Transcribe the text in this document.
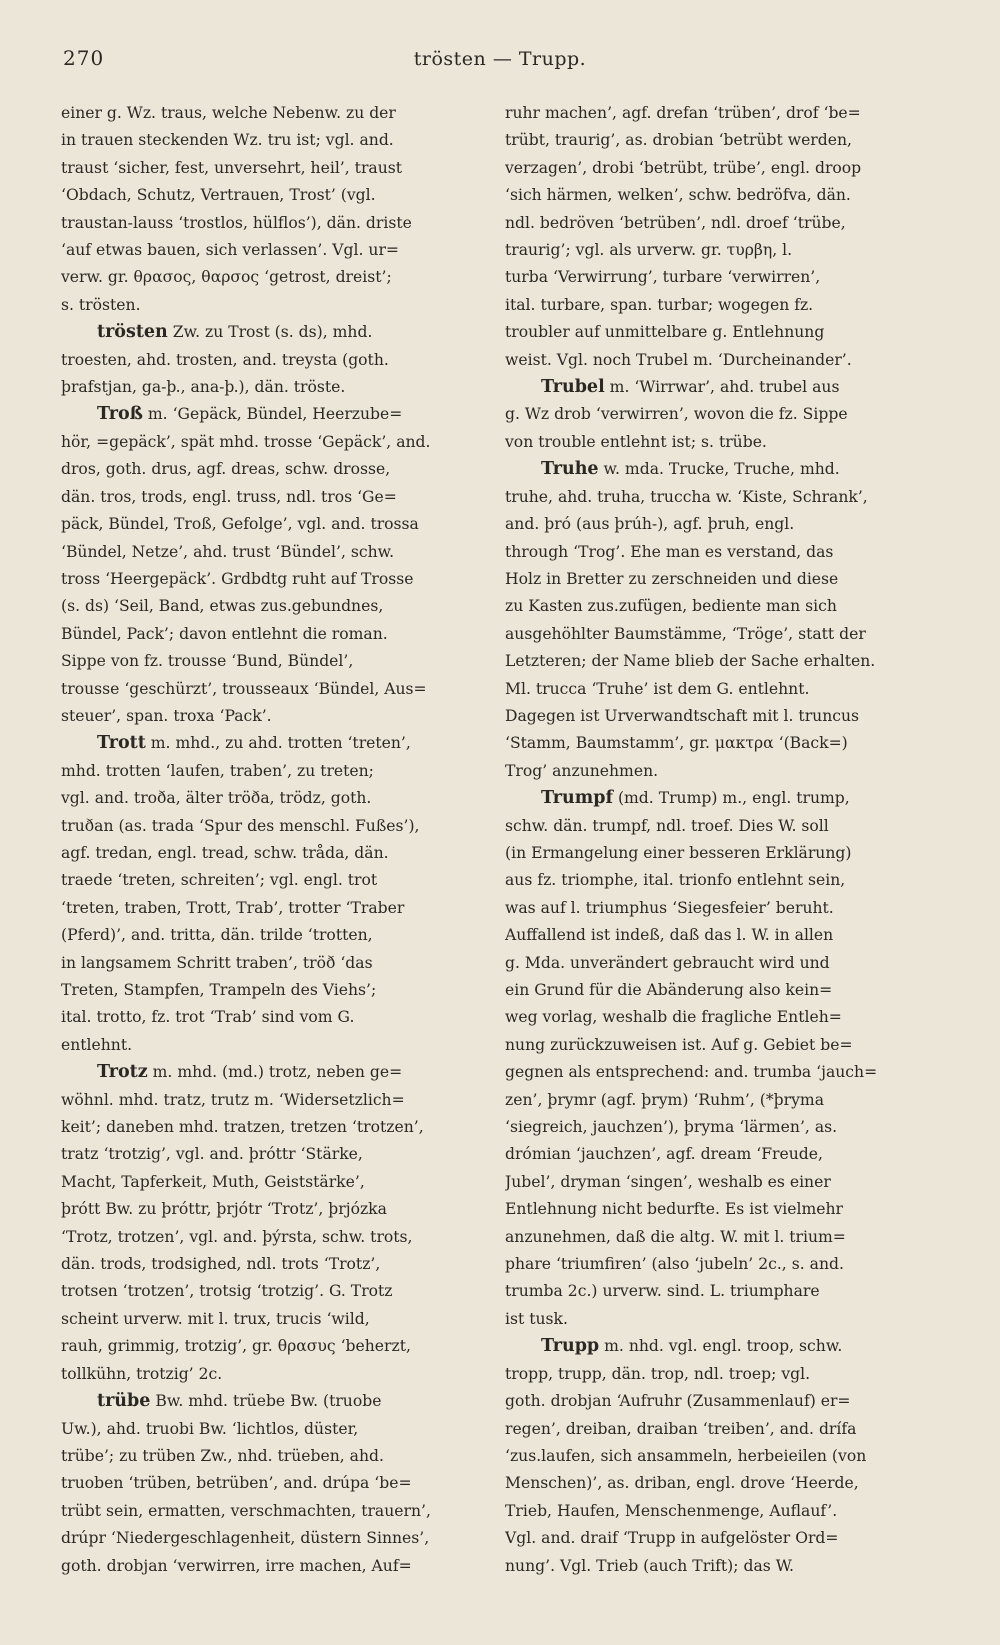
270	trösten — Trupp.
einer g. Wz. traus, welche Nebenw. zu der
in trauen steckenden Wz. tru ist; vgl. and.
traust ‘sicher, fest, unversehrt, heil’, traust
‘Obdach, Schutz, Vertrauen, Trost’ (vgl.
traustan-lauss ‘trostlos, hülflos’), dän. driste
‘auf etwas bauen, sich verlassen’. Vgl. ur=
verw. gr. θρασος, θαρσος ‘getrost, dreist’;
s. trösten.
trösten Zw. zu Trost (s. ds), mhd.
troesten, ahd. trosten, and. treysta (goth.
þrafstjan, ga-þ., ana-þ.), dän. tröste.
Troß m. ‘Gepäck, Bündel, Heerzube=
hör, =gepäck’, spät mhd. trosse ‘Gepäck’, and.
dros, goth. drus, agf. dreas, schw. drosse,
dän. tros, trods, engl. truss, ndl. tros ‘Ge=
päck, Bündel, Troß, Gefolge’, vgl. and. trossa
‘Bündel, Netze’, ahd. trust ‘Bündel’, schw.
tross ‘Heergepäck’. Grdbdtg ruht auf Trosse
(s. ds) ‘Seil, Band, etwas zus.gebundnes,
Bündel, Pack’; davon entlehnt die roman.
Sippe von fz. trousse ‘Bund, Bündel’,
trousse ‘geschürzt’, trousseaux ‘Bündel, Aus=
steuer’, span. troxa ‘Pack’.
Trott m. mhd., zu ahd. trotten ‘treten’,
mhd. trotten ‘laufen, traben’, zu treten;
vgl. and. troða, älter tröða, trödz, goth.
truðan (as. trada ‘Spur des menschl. Fußes’),
agf. tredan, engl. tread, schw. tråda, dän.
traede ‘treten, schreiten’; vgl. engl. trot
‘treten, traben, Trott, Trab’, trotter ‘Traber
(Pferd)’, and. tritta, dän. trilde ‘trotten,
in langsamem Schritt traben’, tröð ‘das
Treten, Stampfen, Trampeln des Viehs’;
ital. trotto, fz. trot ‘Trab’ sind vom G.
entlehnt.
Trotz m. mhd. (md.) trotz, neben ge=
wöhnl. mhd. tratz, trutz m. ‘Widersetzlich=
keit’; daneben mhd. tratzen, tretzen ‘trotzen’,
tratz ‘trotzig’, vgl. and. þróttr ‘Stärke,
Macht, Tapferkeit, Muth, Geiststärke’,
þrótt Bw. zu þróttr, þrjótr ‘Trotz’, þrjózka
‘Trotz, trotzen’, vgl. and. þýrsta, schw. trots,
dän. trods, trodsighed, ndl. trots ‘Trotz’,
trotsen ‘trotzen’, trotsig ‘trotzig’. G. Trotz
scheint urverw. mit l. trux, trucis ‘wild,
rauh, grimmig, trotzig’, gr. θρασυς ‘beherzt,
tollkühn, trotzig’ 2c.
trübe Bw. mhd. trüebe Bw. (truobe
Uw.), ahd. truobi Bw. ‘lichtlos, düster,
trübe’; zu trüben Zw., nhd. trüeben, ahd.
truoben ‘trüben, betrüben’, and. drúpa ‘be=
trübt sein, ermatten, verschmachten, trauern’,
drúpr ‘Niedergeschlagenheit, düstern Sinnes’,
goth. drobjan ‘verwirren, irre machen, Auf=
ruhr machen’, agf. drefan ‘trüben’, drof ‘be=
trübt, traurig’, as. drobian ‘betrübt werden,
verzagen’, drobi ‘betrübt, trübe’, engl. droop
‘sich härmen, welken’, schw. bedröfva, dän.
ndl. bedröven ‘betrüben’, ndl. droef ‘trübe,
traurig’; vgl. als urverw. gr. τυρβη, l.
turba ‘Verwirrung’, turbare ‘verwirren’,
ital. turbare, span. turbar; wogegen fz.
troubler auf unmittelbare g. Entlehnung
weist. Vgl. noch Trubel m. ‘Durcheinander’.
Trubel m. ‘Wirrwar’, ahd. trubel aus
g. Wz drob ‘verwirren’, wovon die fz. Sippe
von trouble entlehnt ist; s. trübe.
Truhe w. mda. Trucke, Truche, mhd.
truhe, ahd. truha, truccha w. ‘Kiste, Schrank’,
and. þró (aus þrúh-), agf. þruh, engl.
through ‘Trog’. Ehe man es verstand, das
Holz in Bretter zu zerschneiden und diese
zu Kasten zus.zufügen, bediente man sich
ausgehöhlter Baumstämme, ‘Tröge’, statt der
Letzteren; der Name blieb der Sache erhalten.
Ml. trucca ‘Truhe’ ist dem G. entlehnt.
Dagegen ist Urverwandtschaft mit l. truncus
‘Stamm, Baumstamm’, gr. μακτρα ‘(Back=)
Trog’ anzunehmen.
Trumpf (md. Trump) m., engl. trump,
schw. dän. trumpf, ndl. troef. Dies W. soll
(in Ermangelung einer besseren Erklärung)
aus fz. triomphe, ital. trionfo entlehnt sein,
was auf l. triumphus ‘Siegesfeier’ beruht.
Auffallend ist indeß, daß das l. W. in allen
g. Mda. unverändert gebraucht wird und
ein Grund für die Abänderung also kein=
weg vorlag, weshalb die fragliche Entleh=
nung zurückzuweisen ist. Auf g. Gebiet be=
gegnen als entsprechend: and. trumba ‘jauch=
zen’, þrymr (agf. þrym) ‘Ruhm’, (*þryma
‘siegreich, jauchzen’), þryma ‘lärmen’, as.
drómian ‘jauchzen’, agf. dream ‘Freude,
Jubel’, dryman ‘singen’, weshalb es einer
Entlehnung nicht bedurfte. Es ist vielmehr
anzunehmen, daß die altg. W. mit l. trium=
phare ‘triumfiren’ (also ‘jubeln’ 2c., s. and.
trumba 2c.) urverw. sind. L. triumphare
ist tusk.
Trupp m. nhd. vgl. engl. troop, schw.
tropp, trupp, dän. trop, ndl. troep; vgl.
goth. drobjan ‘Aufruhr (Zusammenlauf) er=
regen’, dreiban, draiban ‘treiben’, and. drífa
‘zus.laufen, sich ansammeln, herbeieilen (von
Menschen)’, as. driban, engl. drove ‘Heerde,
Trieb, Haufen, Menschenmenge, Auflauf’.
Vgl. and. draif ‘Trupp in aufgelöster Ord=
nung’. Vgl. Trieb (auch Trift); das W.
